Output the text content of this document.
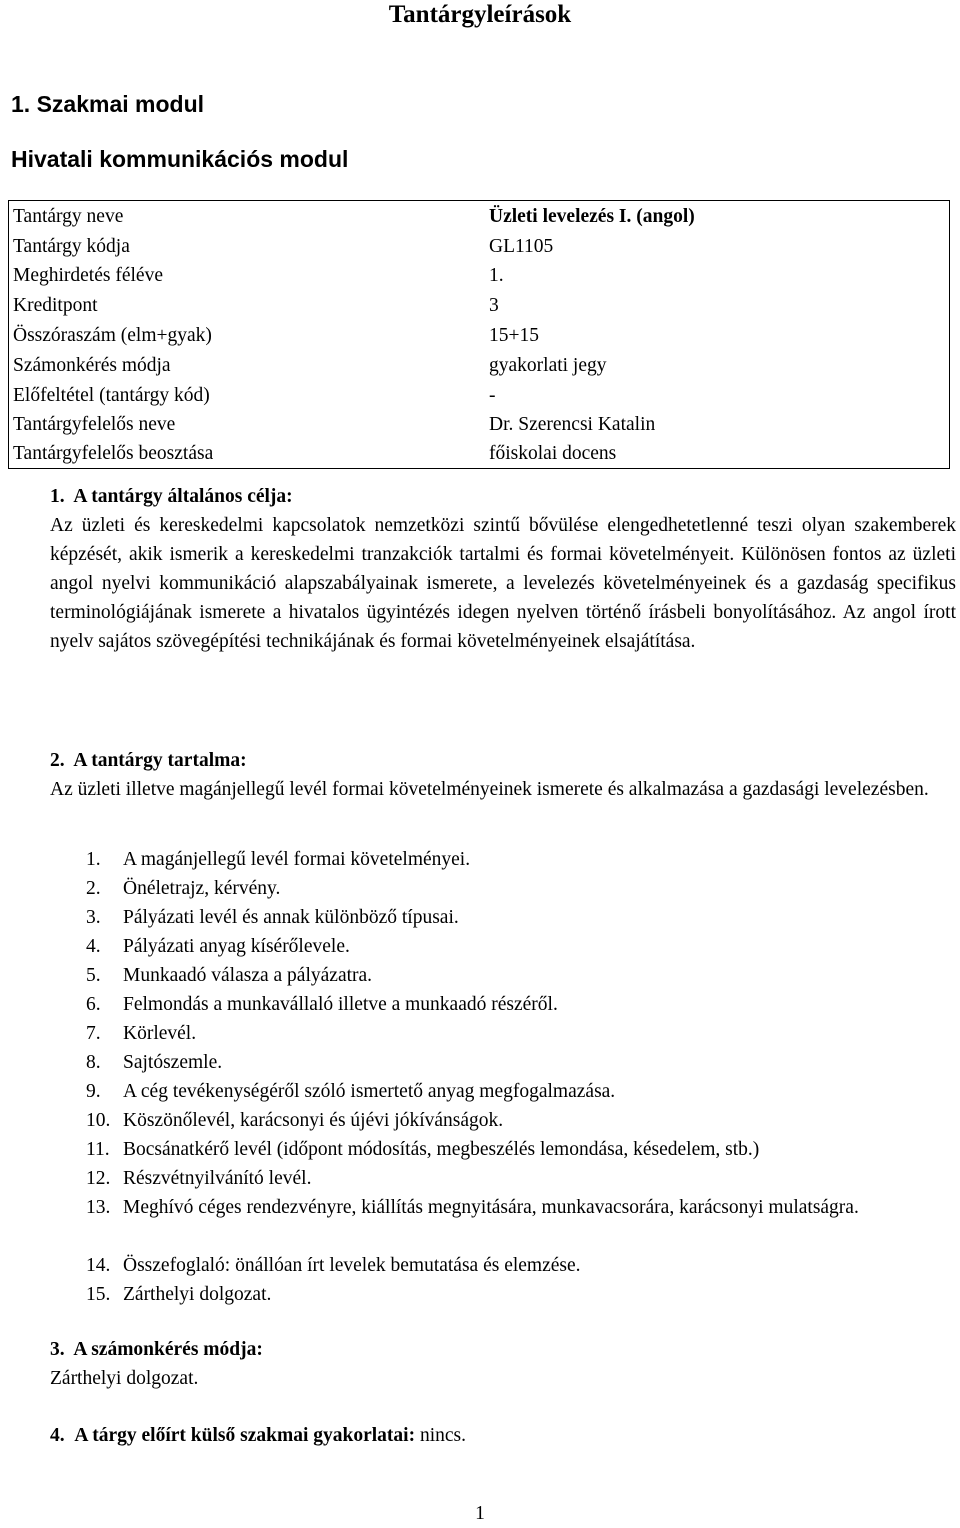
Tantárgyleírások
1. Szakmai modul
Hivatali kommunikációs modul
Tantárgy neve	Üzleti levelezés I. (angol)
Tantárgy kódja	GL1105
Meghirdetés féléve	1.
Kreditpont	3
Összóraszám (elm+gyak)	15+15
Számonkérés módja	gyakorlati jegy
Előfeltétel (tantárgy kód)	-
Tantárgyfelelős neve	Dr. Szerencsi Katalin
Tantárgyfelelős beosztása	főiskolai docens
1. A tantárgy általános célja:
Az üzleti és kereskedelmi kapcsolatok nemzetközi szintű bővülése elengedhetetlenné teszi olyan szakemberek képzését, akik ismerik a kereskedelmi tranzakciók tartalmi és formai követelményeit. Különösen fontos az üzleti angol nyelvi kommunikáció alapszabályainak ismerete, a levelezés követelményeinek és a gazdaság specifikus terminológiájának ismerete a hivatalos ügyintézés idegen nyelven történő írásbeli bonyolításához. Az angol írott nyelv sajátos szövegépítési technikájának és formai követelményeinek elsajátítása.
2. A tantárgy tartalma:
Az üzleti illetve magánjellegű levél formai követelményeinek ismerete és alkalmazása a gazdasági levelezésben.
1. A magánjellegű levél formai követelményei.
2. Önéletrajz, kérvény.
3. Pályázati levél és annak különböző típusai.
4. Pályázati anyag kísérőlevele.
5. Munkaadó válasza a pályázatra.
6. Felmondás a munkavállaló illetve a munkaadó részéről.
7. Körlevél.
8. Sajtószemle.
9. A cég tevékenységéről szóló ismertető anyag megfogalmazása.
10. Köszönőlevél, karácsonyi és újévi jókívánságok.
11. Bocsánatkérő levél (időpont módosítás, megbeszélés lemondása, késedelem, stb.)
12. Részvétnyilvánító levél.
13. Meghívó céges rendezvényre, kiállítás megnyitására, munkavacsorára, karácsonyi mulatságra.
14. Összefoglaló: önállóan írt levelek bemutatása és elemzése.
15. Zárthelyi dolgozat.
3. A számonkérés módja:
Zárthelyi dolgozat.
4. A tárgy előírt külső szakmai gyakorlatai: nincs.
1
